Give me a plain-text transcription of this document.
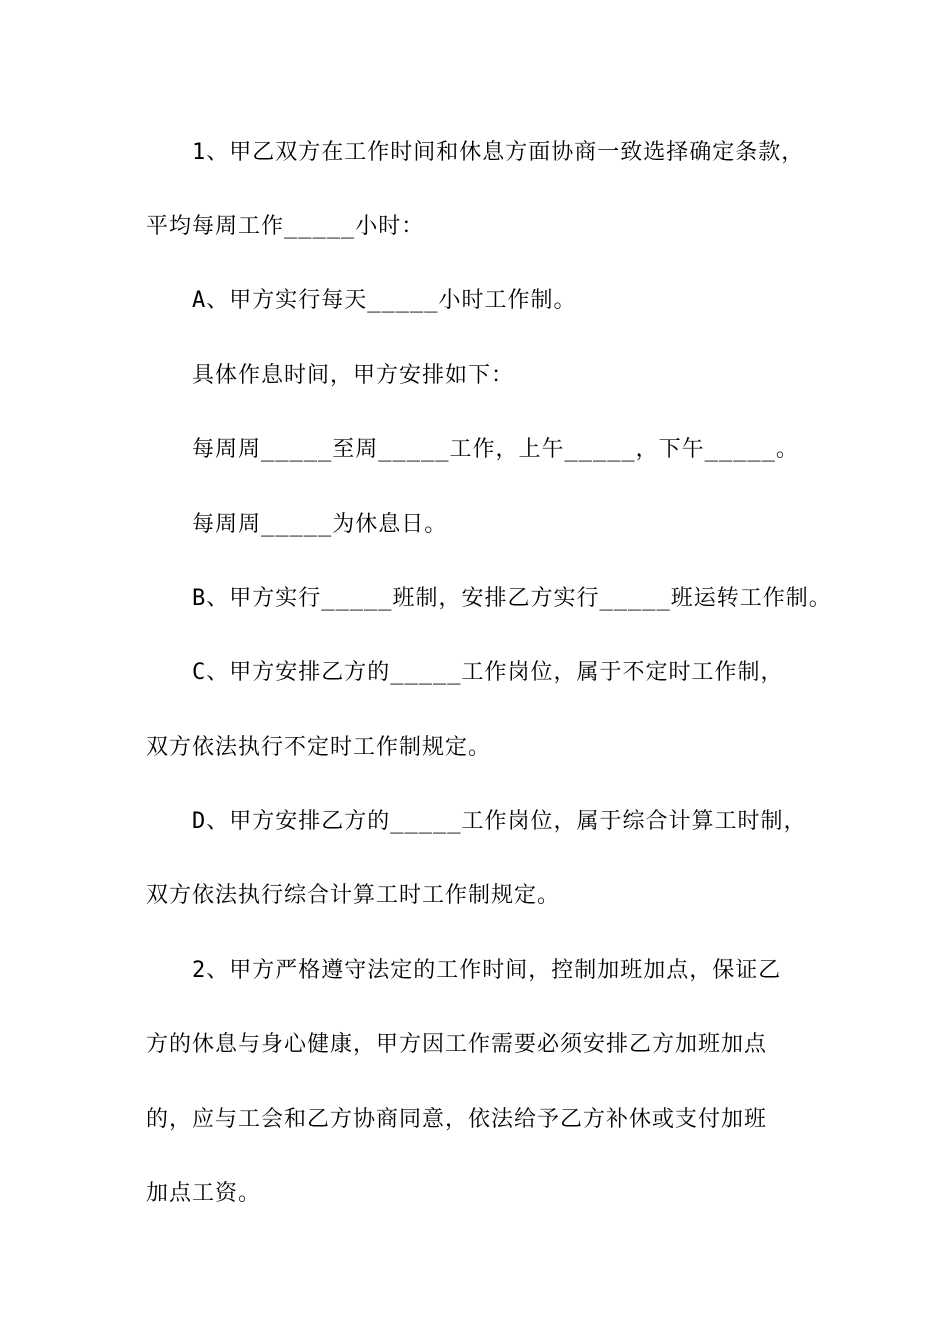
1、甲乙双方在工作时间和休息方面协商一致选择确定条款，
平均每周工作_____小时：
A、甲方实行每天_____小时工作制。
具体作息时间，甲方安排如下：
每周周_____至周_____工作，上午_____，下午_____。
每周周_____为休息日。
B、甲方实行_____班制，安排乙方实行_____班运转工作制。
C、甲方安排乙方的_____工作岗位，属于不定时工作制，
双方依法执行不定时工作制规定。
D、甲方安排乙方的_____工作岗位，属于综合计算工时制，
双方依法执行综合计算工时工作制规定。
2、甲方严格遵守法定的工作时间，控制加班加点，保证乙
方的休息与身心健康，甲方因工作需要必须安排乙方加班加点
的，应与工会和乙方协商同意，依法给予乙方补休或支付加班
加点工资。
